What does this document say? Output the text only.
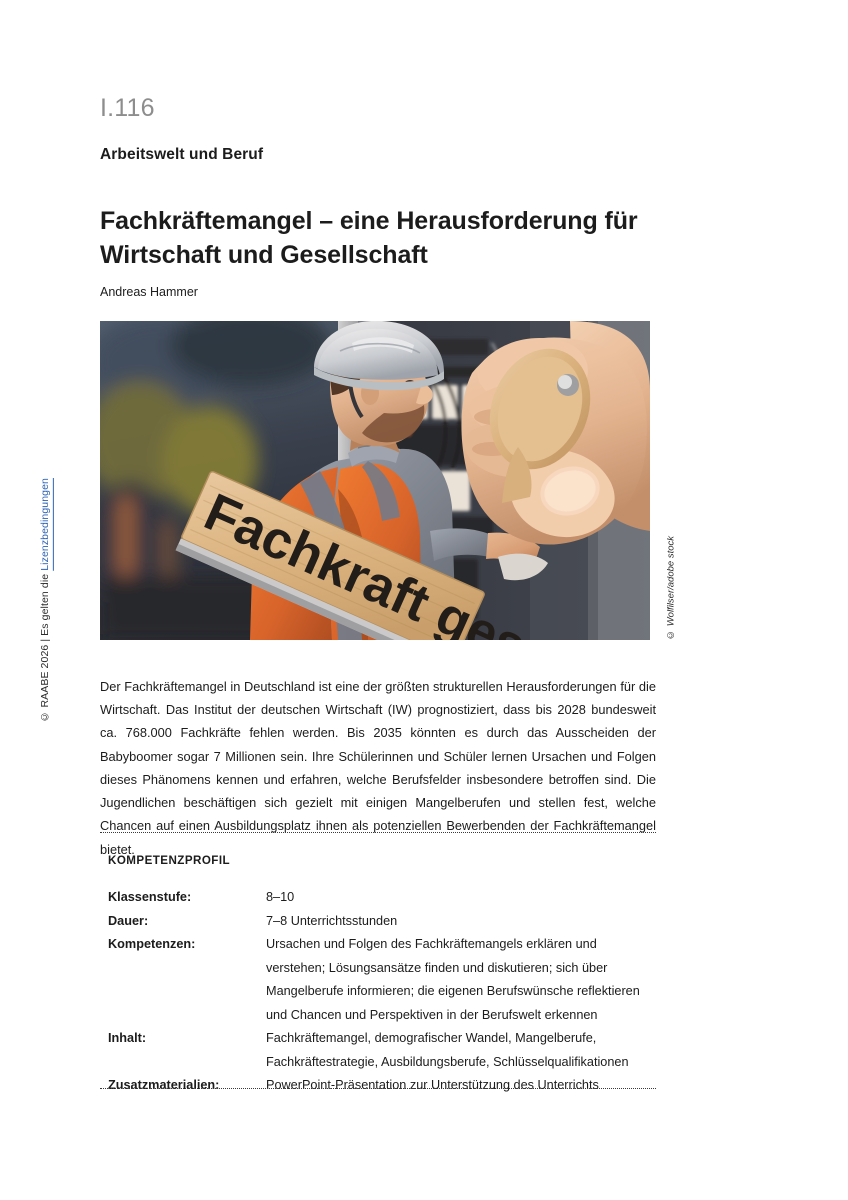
© RAABE 2026 | Es gelten die Lizenzbedingungen
I.116
Arbeitswelt und Beruf
Fachkräftemangel – eine Herausforderung für Wirtschaft und Gesellschaft
Andreas Hammer
Fachkraft	© Wolfilser/adobe stock

Der Fachkräftemangel in Deutschland ist eine der größten strukturellen Herausforderungen für die Wirtschaft. Das Institut der deutschen Wirtschaft (IW) prognostiziert, dass bis 2028 bundesweit ca. 768.000 Fachkräfte fehlen werden. Bis 2035 könnten es durch das Ausscheiden der Babyboomer sogar 7 Millionen sein. Ihre Schülerinnen und Schüler lernen Ursachen und Folgen dieses Phänomens kennen und erfahren, welche Berufsfelder insbesondere betroffen sind. Die Jugendlichen beschäftigen sich gezielt mit einigen Mangelberufen und stellen fest, welche Chancen auf einen Ausbildungsplatz ihnen als potenziellen Bewerbenden der Fachkräftemangel bietet.

KOMPETENZPROFIL
Klassenstufe:	8–10
Dauer:	7–8 Unterrichtsstunden
Kompetenzen:	Ursachen und Folgen des Fachkräftemangels erklären und verstehen; Lösungsansätze finden und diskutieren; sich über Mangelberufe informieren; die eigenen Berufswünsche reflektieren und Chancen und Perspektiven in der Berufswelt erkennen
Inhalt:	Fachkräftemangel, demografischer Wandel, Mangelberufe, Fachkräftestrategie, Ausbildungsberufe, Schlüsselqualifikationen
Zusatzmaterialien:	PowerPoint-Präsentation zur Unterstützung des Unterrichts
